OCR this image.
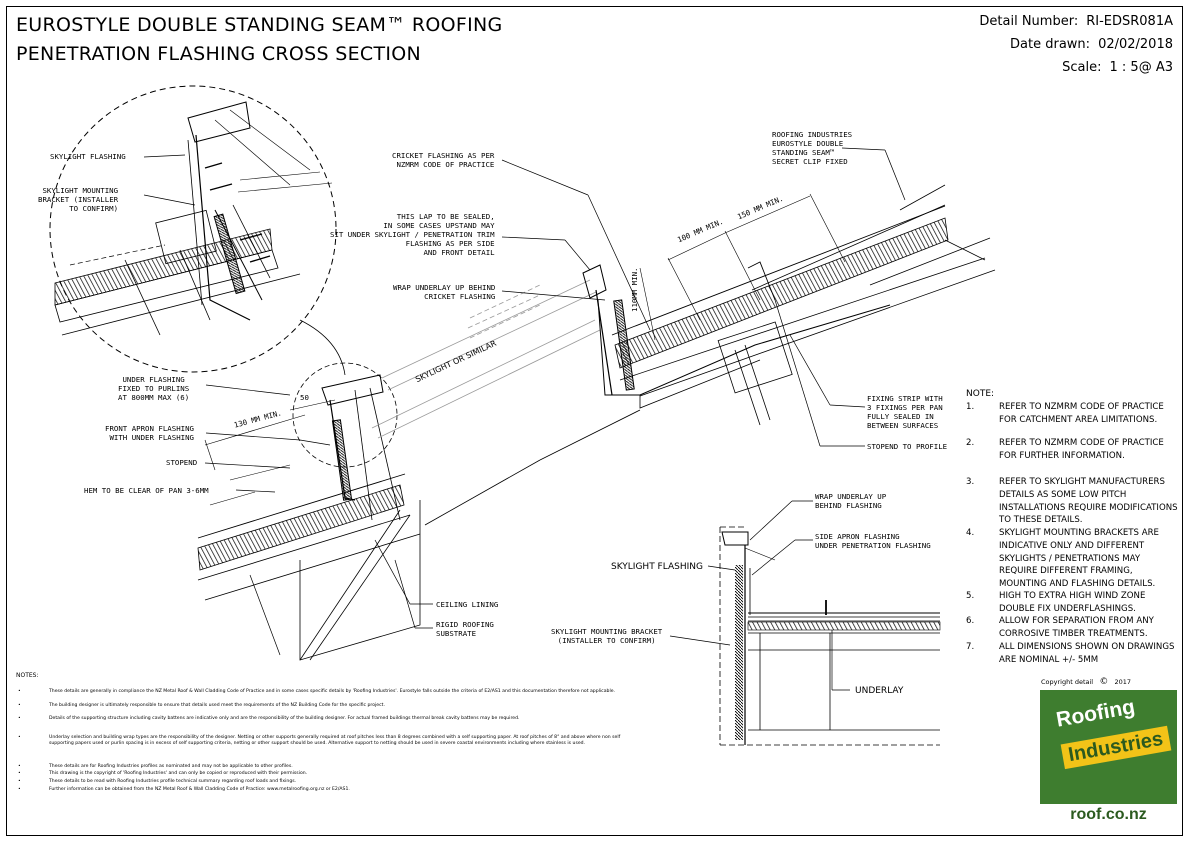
EUROSTYLE DOUBLE STANDING SEAM™ ROOFING
PENETRATION FLASHING CROSS SECTION
Detail Number: RI-EDSR081A
Date drawn: 02/02/2018
Scale: 1 : 5@ A3
SKYLIGHT FLASHING
SKYLIGHT MOUNTING
BRACKET (INSTALLER
TO CONFIRM)
CRICKET FLASHING AS PER
NZMRM CODE OF PRACTICE
ROOFING INDUSTRIES
EUROSTYLE DOUBLE
STANDING SEAM™
SECRET CLIP FIXED
THIS LAP TO BE SEALED,
IN SOME CASES UPSTAND MAY
SIT UNDER SKYLIGHT / PENETRATION TRIM
FLASHING AS PER SIDE
AND FRONT DETAIL
WRAP UNDERLAY UP BEHIND
CRICKET FLASHING
100 MM MIN.
150 MM MIN.
110MM MIN.
SKYLIGHT OR SIMILAR
UNDER FLASHING
FIXED TO PURLINS
AT 800MM MAX (6)
FRONT APRON FLASHING
WITH UNDER FLASHING
STOPEND
HEM TO BE CLEAR OF PAN 3-6MM
130 MM MIN.
50	FIXING STRIP WITH
3 FIXINGS PER PAN
FULLY SEALED IN
BETWEEN SURFACES
STOPEND TO PROFILE
CEILING LINING
RIGID ROOFING
SUBSTRATE
WRAP UNDERLAY UP
BEHIND FLASHING
SIDE APRON FLASHING
UNDER PENETRATION FLASHING
SKYLIGHT FLASHING
SKYLIGHT MOUNTING BRACKET
(INSTALLER TO CONFIRM)
UNDERLAY
NOTE:
1.	REFER TO NZMRM CODE OF PRACTICE FOR CATCHMENT AREA LIMITATIONS.
2.	REFER TO NZMRM CODE OF PRACTICE FOR FURTHER INFORMATION.
3.	REFER TO SKYLIGHT MANUFACTURERS DETAILS AS SOME LOW PITCH INSTALLATIONS REQUIRE MODIFICATIONS TO THESE DETAILS.
4.	SKYLIGHT MOUNTING BRACKETS ARE INDICATIVE ONLY AND DIFFERENT SKYLIGHTS / PENETRATIONS MAY REQUIRE DIFFERENT FRAMING, MOUNTING AND FLASHING DETAILS.
5.	HIGH TO EXTRA HIGH WIND ZONE DOUBLE FIX UNDERFLASHINGS.
6.	ALLOW FOR SEPARATION FROM ANY CORROSIVE TIMBER TREATMENTS.
7.	ALL DIMENSIONS SHOWN ON DRAWINGS ARE NOMINAL +/- 5MM
NOTES:
•	These details are generally in compliance the NZ Metal Roof & Wall Cladding Code of Practice and in some cases specific details by 'Roofing Industries'. Eurostyle falls outside the criteria of E2/AS1 and this documentation therefore not applicable.
•	The building designer is ultimately responsible to ensure that details used meet the requirements of the NZ Building Code for the specific project.
•	Details of the supporting structure including cavity battens are indicative only and are the responsibility of the building designer. For actual framed buildings thermal break cavity battens may be required.
•	Underlay selection and building wrap types are the responsibility of the designer. Netting or other supports generally required at roof pitches less than 8 degrees combined with a self supporting paper. At roof pitches of 8° and above where non self supporting papers used or purlin spacing is in excess of self supporting criteria, netting or other support should be used. Alternative support to netting should be used in severe coastal environments including where stainless is used.
•	These details are for Roofing Industries profiles as nominated and may not be applicable to other profiles.
•	This drawing is the copyright of 'Roofing Industries' and can only be copied or reproduced with their permission.
•	These details to be read with Roofing Industries profile technical summary regarding roof loads and fixings.
•	Further information can be obtained from the NZ Metal Roof & Wall Cladding Code of Practice: www.metalroofing.org.nz or E2/AS1.
Copyright detail © 2017
Roofing
Industries
roof.co.nz
